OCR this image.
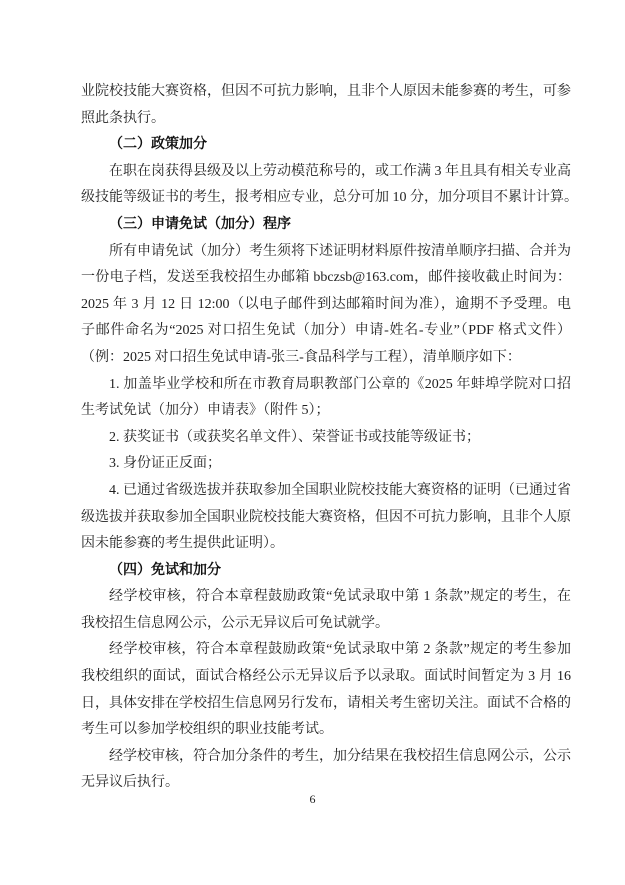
业院校技能大赛资格，但因不可抗力影响，且非个人原因未能参赛的考生，可参
照此条执行。
（二）政策加分
在职在岗获得县级及以上劳动模范称号的，或工作满 3 年且具有相关专业高
级技能等级证书的考生，报考相应专业，总分可加 10 分，加分项目不累计计算。
（三）申请免试（加分）程序
所有申请免试（加分）考生须将下述证明材料原件按清单顺序扫描、合并为
一份电子档，发送至我校招生办邮箱 bbczsb@163.com，邮件接收截止时间为：
2025 年 3 月 12 日 12:00（以电子邮件到达邮箱时间为准），逾期不予受理。电
子邮件命名为“2025 对口招生免试（加分）申请-姓名-专业”（PDF 格式文件）
（例：2025 对口招生免试申请-张三-食品科学与工程），清单顺序如下：
1. 加盖毕业学校和所在市教育局职教部门公章的《2025 年蚌埠学院对口招
生考试免试（加分）申请表》（附件 5）；
2. 获奖证书（或获奖名单文件）、荣誉证书或技能等级证书；
3. 身份证正反面；
4. 已通过省级选拔并获取参加全国职业院校技能大赛资格的证明（已通过省
级选拔并获取参加全国职业院校技能大赛资格，但因不可抗力影响，且非个人原
因未能参赛的考生提供此证明）。
（四）免试和加分
经学校审核，符合本章程鼓励政策“免试录取中第 1 条款”规定的考生，在
我校招生信息网公示，公示无异议后可免试就学。
经学校审核，符合本章程鼓励政策“免试录取中第 2 条款”规定的考生参加
我校组织的面试，面试合格经公示无异议后予以录取。面试时间暂定为 3 月 16
日，具体安排在学校招生信息网另行发布，请相关考生密切关注。面试不合格的
考生可以参加学校组织的职业技能考试。
经学校审核，符合加分条件的考生，加分结果在我校招生信息网公示，公示
无异议后执行。
6
